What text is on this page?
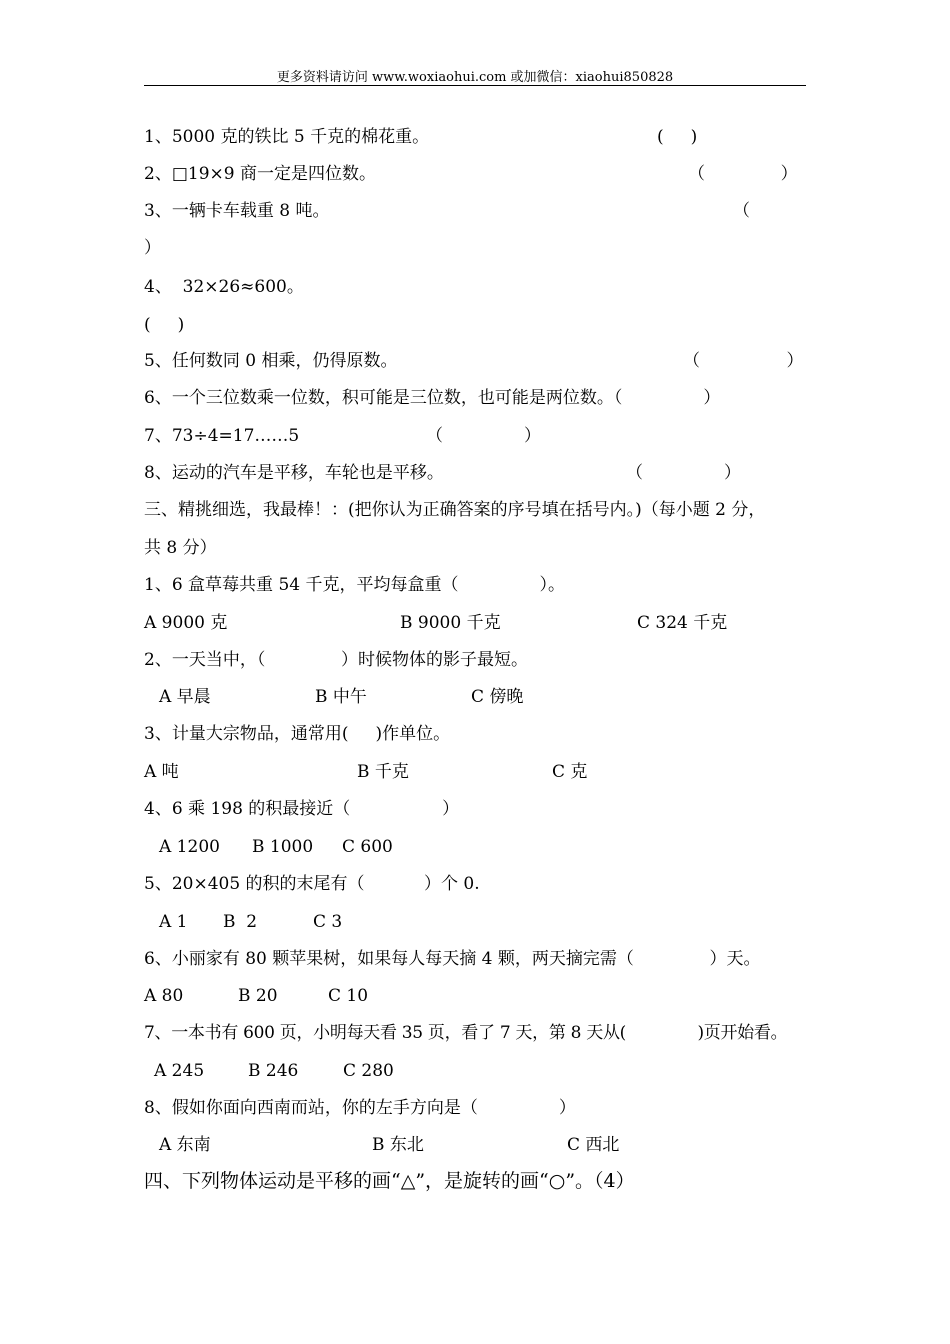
更多资料请访问 www.woxiaohui.com 或加微信：xiaohui850828
1、5000 克的铁比 5 千克的棉花重。	(     )
2、□19×9 商一定是四位数。	（              ）
3、一辆卡车载重 8 吨。	（
）
4、  32×26≈600。
(     )
5、任何数同 0 相乘，仍得原数。	（                ）
6、一个三位数乘一位数，积可能是三位数，也可能是两位数。（               ）
7、73÷4=17……5	（               ）
8、运动的汽车是平移，车轮也是平移。	（               ）
三、精挑细选，我最棒！：(把你认为正确答案的序号填在括号内。)（每小题 2 分，
共 8 分）
1、6 盒草莓共重 54 千克，平均每盒重（               ）。
A 9000 克	B 9000 千克	C 324 千克
2、一天当中，（              ）时候物体的影子最短。
A 早晨	B 中午	C 傍晚
3、计量大宗物品，通常用(     )作单位。
A 吨	B 千克	C 克
4、6 乘 198 的积最接近（                 ）
A 1200 B 1000 C 600
5、20×405 的积的末尾有（           ）个 0.
A 1 B  2	C 3
6、小丽家有 80 颗苹果树，如果每人每天摘 4 颗，两天摘完需（              ）天。
A 80	B 20	C 10
7、一本书有 600 页，小明每天看 35 页，看了 7 天，第 8 天从(              )页开始看。
A 245	B 246	C 280
8、假如你面向西南而站，你的左手方向是（               ）
A 东南	B 东北	C 西北
四、下列物体运动是平移的画“△”，是旋转的画“○”。（4）
